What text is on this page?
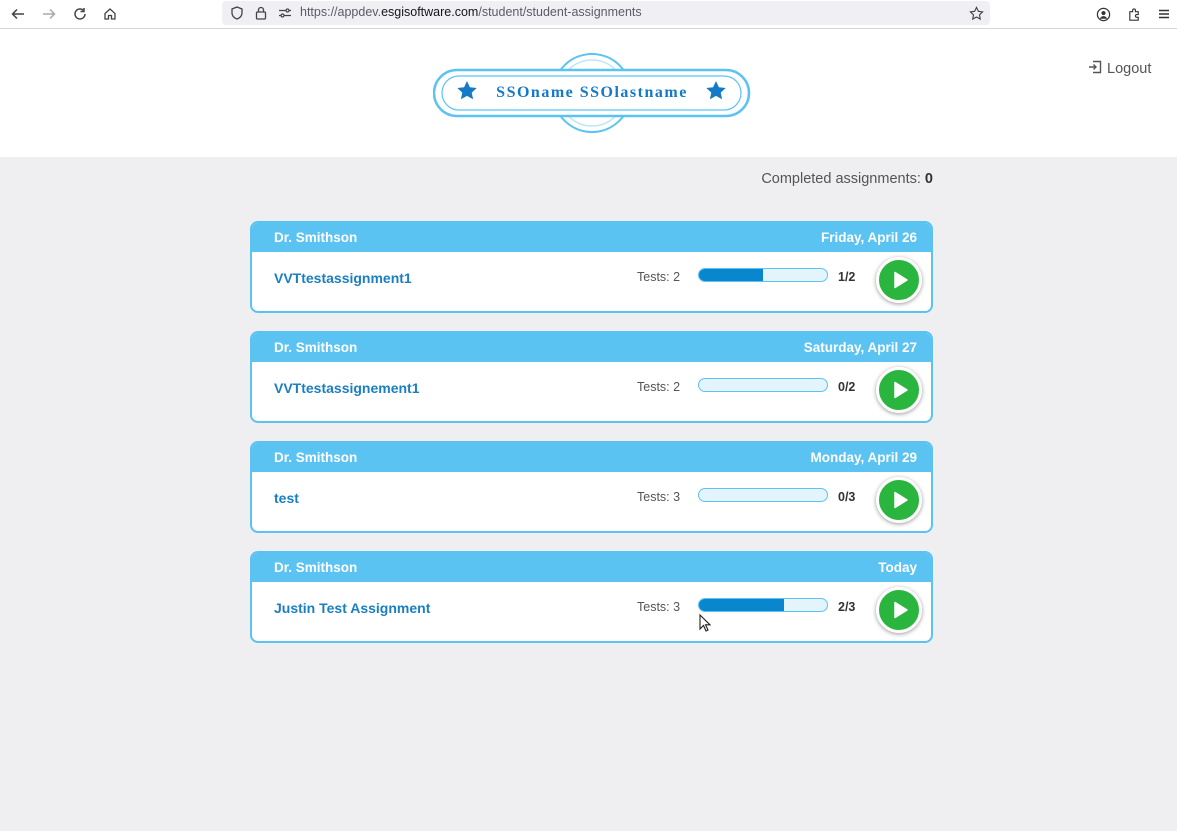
https://appdev.esgisoftware.com/student/student-assignments
SSOname SSOlastname
Logout
Completed assignments: 0
Dr. Smithson	Friday, April 26
VVTtestassignment1	Tests: 2	1/2
Dr. Smithson	Saturday, April 27
VVTtestassignement1	Tests: 2	0/2
Dr. Smithson	Monday, April 29
test	Tests: 3	0/3
Dr. Smithson	Today
Justin Test Assignment	Tests: 3	2/3
